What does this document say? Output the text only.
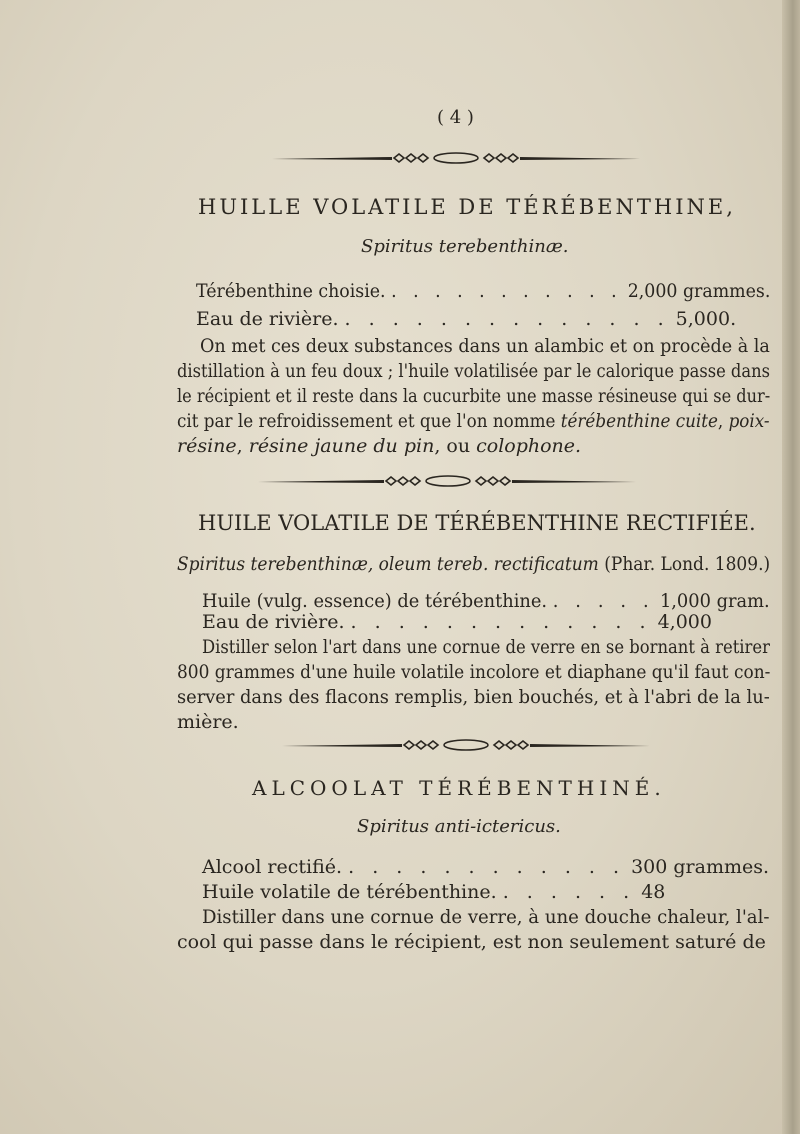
( 4 )
HUILLE VOLATILE DE TÉRÉBENTHINE,
Spiritus terebenthinæ.
Térébenthine choisie. . . . . . . . . . . . 2,000 grammes.
Eau de rivière. . . . . . . . . . . . . . . 5,000.
On met ces deux substances dans un alambic et on procède à la
distillation à un feu doux ; l'huile volatilisée par le calorique passe dans
le récipient et il reste dans la cucurbite une masse résineuse qui se dur-
cit par le refroidissement et que l'on nomme térébenthine cuite, poix-
résine, résine jaune du pin, ou colophone.
HUILE VOLATILE DE TÉRÉBENTHINE RECTIFIÉE.
Spiritus terebenthinæ, oleum tereb. rectificatum (Phar. Lond. 1809.)
Huile (vulg. essence) de térébenthine. . . . . . 1,000 gram.
Eau de rivière. . . . . . . . . . . . . . 4,000
Distiller selon l'art dans une cornue de verre en se bornant à retirer
800 grammes d'une huile volatile incolore et diaphane qu'il faut con-
server dans des flacons remplis, bien bouchés, et à l'abri de la lu-
mière.
ALCOOLAT TÉRÉBENTHINÉ.
Spiritus anti-ictericus.
Alcool rectifié. . . . . . . . . . . . . 300 grammes.
Huile volatile de térébenthine. . . . . . . 48
Distiller dans une cornue de verre, à une douche chaleur, l'al-
cool qui passe dans le récipient, est non seulement saturé de
